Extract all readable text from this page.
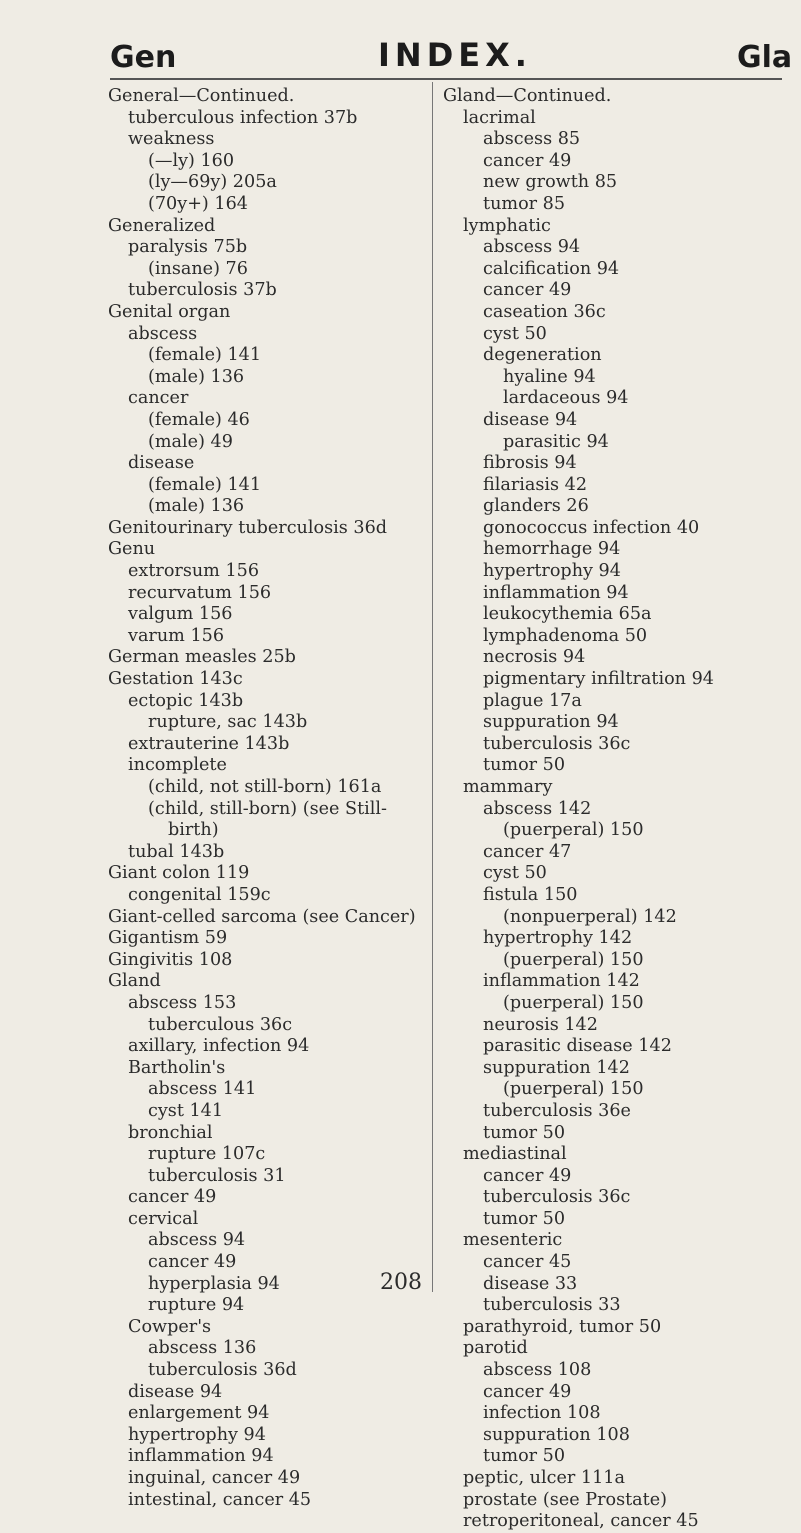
Gen	INDEX.	Gla
General—Continued.
tuberculous infection 37b
weakness
(—ly) 160
(ly—69y) 205a
(70y+) 164
Generalized
paralysis 75b
(insane) 76
tuberculosis 37b
Genital organ
abscess
(female) 141
(male) 136
cancer
(female) 46
(male) 49
disease
(female) 141
(male) 136
Genitourinary tuberculosis 36d
Genu
extrorsum 156
recurvatum 156
valgum 156
varum 156
German measles 25b
Gestation 143c
ectopic 143b
rupture, sac 143b
extrauterine 143b
incomplete
(child, not still-born) 161a
(child, still-born) (see Still-
birth)
tubal 143b
Giant colon 119
congenital 159c
Giant-celled sarcoma (see Cancer)
Gigantism 59
Gingivitis 108
Gland
abscess 153
tuberculous 36c
axillary, infection 94
Bartholin's
abscess 141
cyst 141
bronchial
rupture 107c
tuberculosis 31
cancer 49
cervical
abscess 94
cancer 49
hyperplasia 94
rupture 94
Cowper's
abscess 136
tuberculosis 36d
disease 94
enlargement 94
hypertrophy 94
inflammation 94
inguinal, cancer 49
intestinal, cancer 45
Gland—Continued.
lacrimal
abscess 85
cancer 49
new growth 85
tumor 85
lymphatic
abscess 94
calcification 94
cancer 49
caseation 36c
cyst 50
degeneration
hyaline 94
lardaceous 94
disease 94
parasitic 94
fibrosis 94
filariasis 42
glanders 26
gonococcus infection 40
hemorrhage 94
hypertrophy 94
inflammation 94
leukocythemia 65a
lymphadenoma 50
necrosis 94
pigmentary infiltration 94
plague 17a
suppuration 94
tuberculosis 36c
tumor 50
mammary
abscess 142
(puerperal) 150
cancer 47
cyst 50
fistula 150
(nonpuerperal) 142
hypertrophy 142
(puerperal) 150
inflammation 142
(puerperal) 150
neurosis 142
parasitic disease 142
suppuration 142
(puerperal) 150
tuberculosis 36e
tumor 50
mediastinal
cancer 49
tuberculosis 36c
tumor 50
mesenteric
cancer 45
disease 33
tuberculosis 33
parathyroid, tumor 50
parotid
abscess 108
cancer 49
infection 108
suppuration 108
tumor 50
peptic, ulcer 111a
prostate (see Prostate)
retroperitoneal, cancer 45
208
